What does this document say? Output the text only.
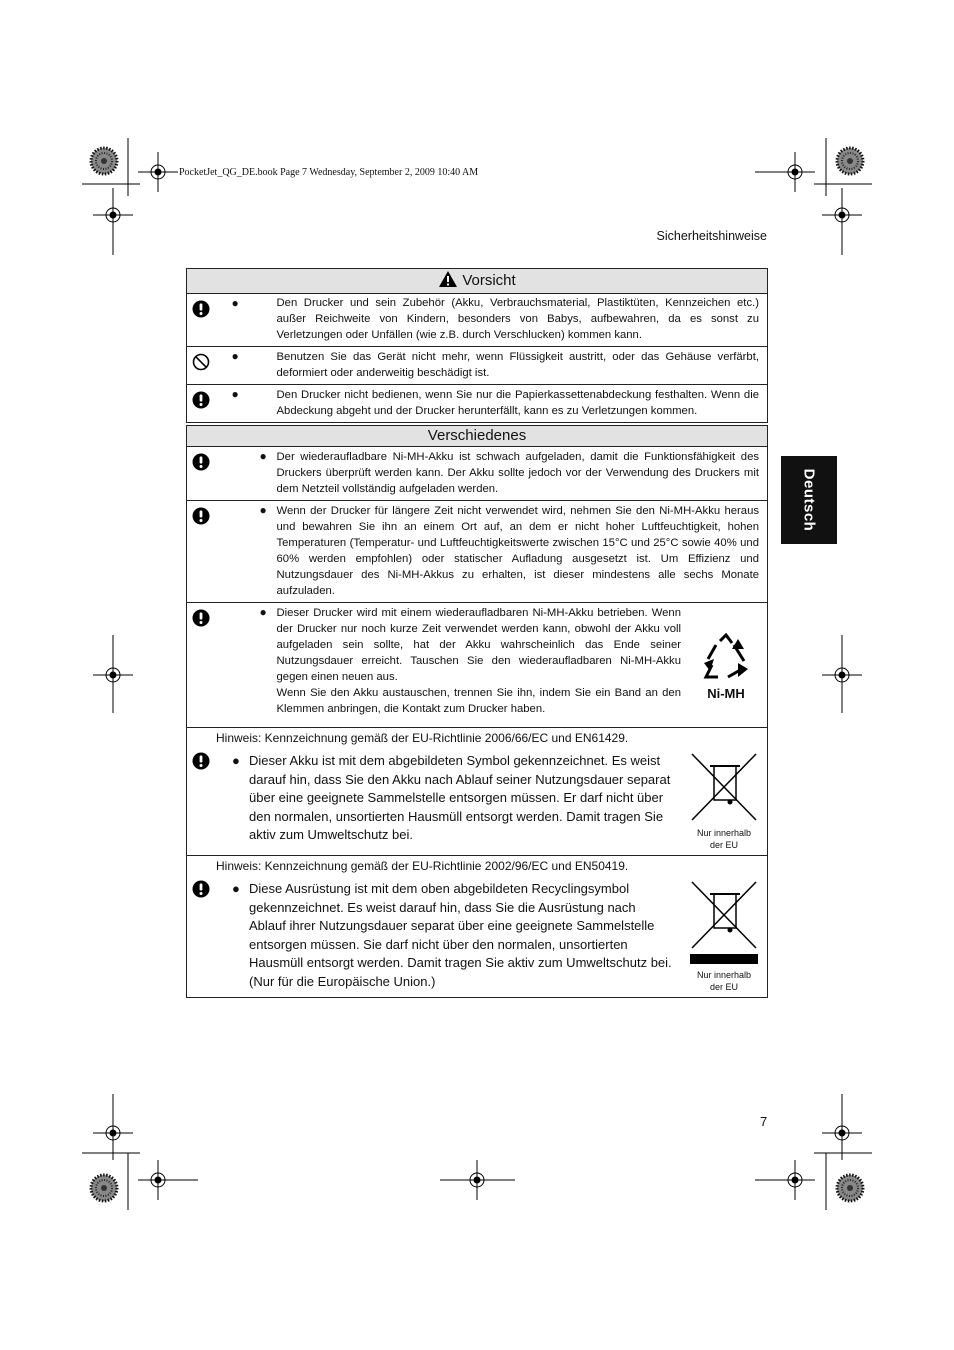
PocketJet_QG_DE.book Page 7 Wednesday, September 2, 2009 10:40 AM
Sicherheitshinweise
Deutsch
Vorsicht	

● Den Drucker und sein Zubehör (Akku, Verbrauchsmaterial, Plastiktüten, Kennzeichen etc.) außer Reichweite von Kindern, besonders von Babys, aufbewahren, da es sonst zu Verletzungen oder Unfällen (wie z.B. durch Verschlucken) kommen kann.

● Benutzen Sie das Gerät nicht mehr, wenn Flüssigkeit austritt, oder das Gehäuse verfärbt, deformiert oder anderweitig beschädigt ist.

● Den Drucker nicht bedienen, wenn Sie nur die Papierkassettenabdeckung festhalten. Wenn die Abdeckung abgeht und der Drucker herunterfällt, kann es zu Verletzungen kommen.
Verschiedenes	

● Der wiederaufladbare Ni-MH-Akku ist schwach aufgeladen, damit die Funktionsfähigkeit des Druckers überprüft werden kann. Der Akku sollte jedoch vor der Verwendung des Druckers mit dem Netzteil vollständig aufgeladen werden.

● Wenn der Drucker für längere Zeit nicht verwendet wird, nehmen Sie den Ni-MH-Akku heraus und bewahren Sie ihn an einem Ort auf, an dem er nicht hoher Luftfeuchtigkeit, hohen Temperaturen (Temperatur- und Luftfeuchtigkeitswerte zwischen 15°C und 25°C sowie 40% und 60% werden empfohlen) oder statischer Aufladung ausgesetzt ist. Um Effizienz und Nutzungsdauer des Ni-MH-Akkus zu erhalten, ist dieser mindestens alle sechs Monate aufzuladen.

● Dieser Drucker wird mit einem wiederaufladbaren Ni-MH-Akku betrieben. Wenn der Drucker nur noch kurze Zeit verwendet werden kann, obwohl der Akku voll aufgeladen sein sollte, hat der Akku wahrscheinlich das Ende seiner Nutzungsdauer erreicht. Tauschen Sie den wiederaufladbaren Ni-MH-Akku gegen einen neuen aus.
Wenn Sie den Akku austauschen, trennen Sie ihn, indem Sie ein Band an den Klemmen anbringen, die Kontakt zum Drucker haben.
Ni-MH

Hinweis: Kennzeichnung gemäß der EU-Richtlinie 2006/66/EC und EN61429.
● Dieser Akku ist mit dem abgebildeten Symbol gekennzeichnet. Es weist darauf hin, dass Sie den Akku nach Ablauf seiner Nutzungsdauer separat über eine geeignete Sammelstelle entsorgen müssen. Er darf nicht über den normalen, unsortierten Hausmüll entsorgt werden. Damit tragen Sie aktiv zum Umweltschutz bei. Nur innerhalb
der EU	

Hinweis: Kennzeichnung gemäß der EU-Richtlinie 2002/96/EC und EN50419.
● Diese Ausrüstung ist mit dem oben abgebildeten Recyclingsymbol gekennzeichnet. Es weist darauf hin, dass Sie die Ausrüstung nach Ablauf ihrer Nutzungsdauer separat über eine geeignete Sammelstelle entsorgen müssen. Sie darf nicht über den normalen, unsortierten Hausmüll entsorgt werden. Damit tragen Sie aktiv zum Umweltschutz bei. (Nur für die Europäische Union.) Nur innerhalb
der EU	
7
